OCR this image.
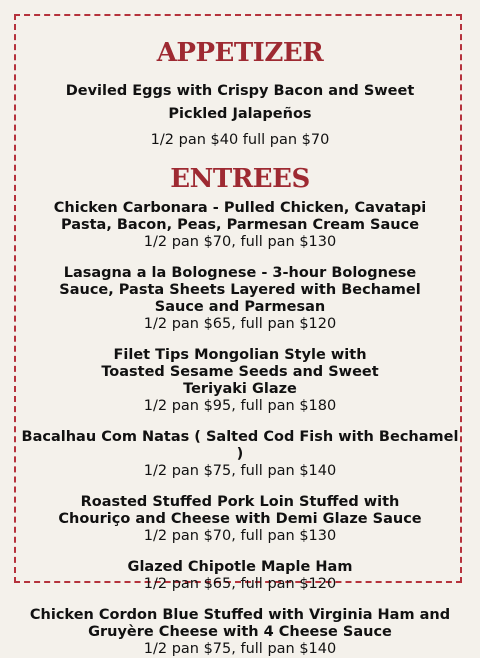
APPETIZER

Deviled Eggs with Crispy Bacon and Sweet

Pickled Jalapeños

1/2 pan $40 full pan $70

ENTREES

Chicken Carbonara - Pulled Chicken, Cavatapi Pasta, Bacon, Peas, Parmesan Cream Sauce

1/2 pan $70, full pan $130

Lasagna a la Bolognese - 3-hour Bolognese Sauce, Pasta Sheets Layered with Bechamel Sauce and Parmesan

1/2 pan $65, full pan $120

Filet Tips Mongolian Style with Toasted Sesame Seeds and Sweet Teriyaki Glaze

1/2 pan $95, full pan $180

Bacalhau Com Natas ( Salted Cod Fish with Bechamel )

1/2 pan $75, full pan $140

Roasted Stuffed Pork Loin Stuffed with Chouriço and Cheese with Demi Glaze Sauce

1/2 pan $70, full pan $130

Glazed Chipotle Maple Ham

1/2 pan $65, full pan $120

Chicken Cordon Blue Stuffed with Virginia Ham and Gruyère Cheese with 4 Cheese Sauce

1/2 pan $75, full pan $140
